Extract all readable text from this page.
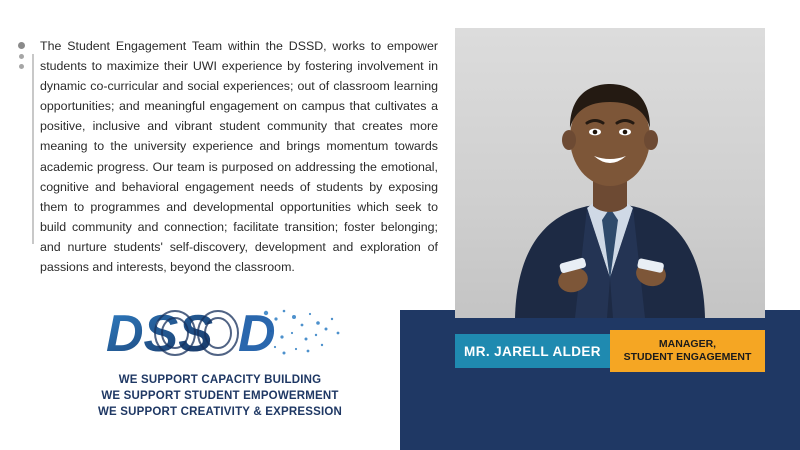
The Student Engagement Team within the DSSD, works to empower students to maximize their UWI experience by fostering involvement in dynamic co-curricular and social experiences; out of classroom learning opportunities; and meaningful engagement on campus that cultivates a positive, inclusive and vibrant student community that creates more meaning to the university experience and brings momentum towards academic progress. Our team is purposed on addressing the emotional, cognitive and behavioral engagement needs of students by exposing them to programmes and developmental opportunities which seek to build community and connection; facilitate transition; foster belonging; and nurture students' self-discovery, development and exploration of passions and interests, beyond the classroom.

DSS D
WE SUPPORT CAPACITY BUILDING
WE SUPPORT STUDENT EMPOWERMENT
WE SUPPORT CREATIVITY & EXPRESSION
MR. JARELL ALDER	MANAGER,
STUDENT ENGAGEMENT
